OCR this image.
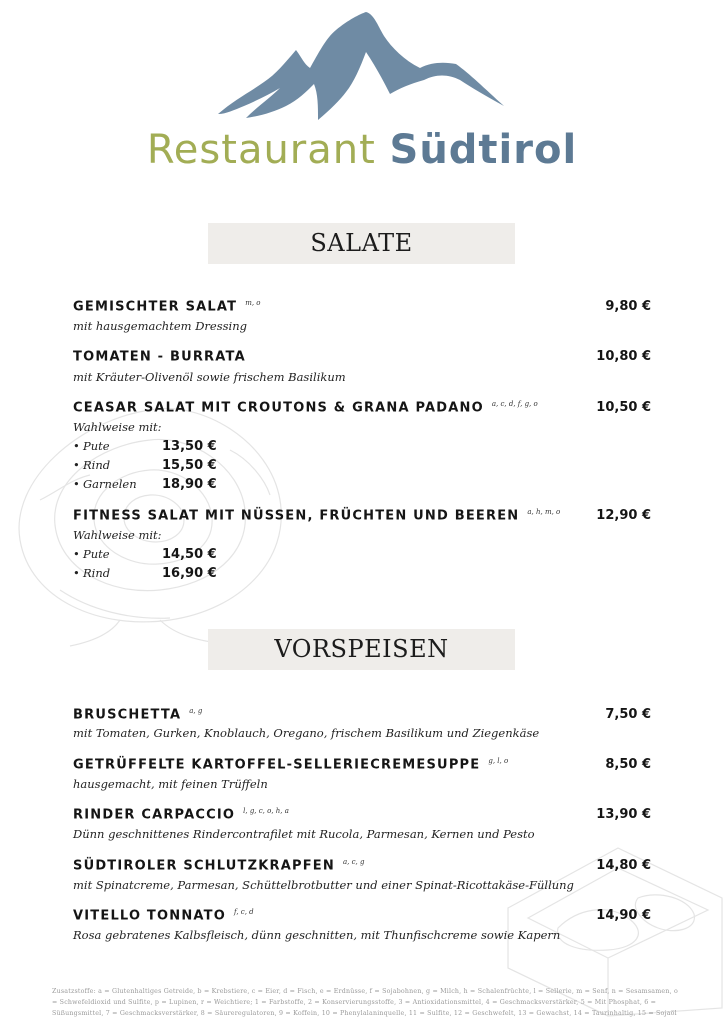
Restaurant Südtirol
SALATE
GEMISCHTER SALAT $^{m, o}$	9,80 €
mit hausgemachtem Dressing
TOMATEN - BURRATA	10,80 €
mit Kräuter-Olivenöl sowie frischem Basilikum
CEASAR SALAT MIT CROUTONS & GRANA PADANO $^{a, c, d, f, g, o}$	10,50 €
Wahlweise mit:
• Pute	13,50 €
• Rind	15,50 €
• Garnelen 18,90 €
FITNESS SALAT MIT NÜSSEN, FRÜCHTEN UND BEEREN $^{a, h, m, o}$	12,90 €
Wahlweise mit:
• Pute	14,50 €
• Rind	16,90 €
VORSPEISEN
BRUSCHETTA $^{a, g}$	7,50 €
mit Tomaten, Gurken, Knoblauch, Oregano, frischem Basilikum und Ziegenkäse
GETRÜFFELTE KARTOFFEL-SELLERIECREMESUPPE $^{g, l, o}$	8,50 €
hausgemacht, mit feinen Trüffeln
RINDER CARPACCIO $^{l, g, c, o, h, a}$	13,90 €
Dünn geschnittenes Rindercontrafilet mit Rucola, Parmesan, Kernen und Pesto
SÜDTIROLER SCHLUTZKRAPFEN $^{a, c, g}$	14,80 €
mit Spinatcreme, Parmesan, Schüttelbrotbutter und einer Spinat-Ricottakäse-Füllung
VITELLO TONNATO $^{f, c, d}$	14,90 €
Rosa gebratenes Kalbsfleisch, dünn geschnitten, mit Thunfischcreme sowie Kapern
Zusatzstoffe: a = Glutenhaltiges Getreide, b = Krebstiere, c = Eier, d = Fisch, e = Erdnüsse, f = Sojabohnen, g = Milch, h = Schalenfrüchte, l = Sellerie, m = Senf, n = Sesamsamen, o = Schwefeldioxid und Sulfite, p = Lupinen, r = Weichtiere; 1 = Farbstoffe, 2 = Konservierungsstoffe, 3 = Antioxidationsmittel, 4 = Geschmacksverstärker, 5 = Mit Phosphat, 6 = Süßungsmittel, 7 = Geschmacksverstärker, 8 = Säureregulatoren, 9 = Koffein, 10 = Phenylalaninquelle, 11 = Sulfite, 12 = Geschwefelt, 13 = Gewachst, 14 = Taurinhaltig, 15 = Sojaöl
